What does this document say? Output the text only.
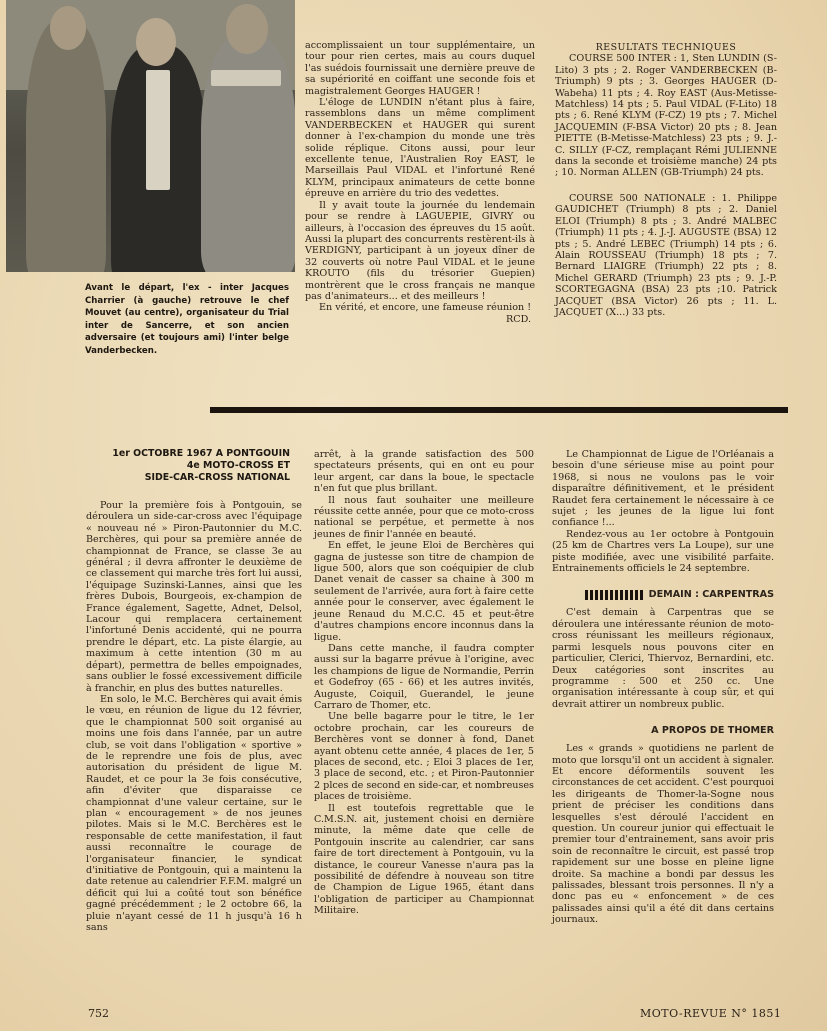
Avant le départ, l'ex - inter Jacques Charrier (à gauche) retrouve le chef Mouvet (au centre), organisateur du Trial inter de Sancerre, et son ancien adversaire (et toujours ami) l'inter belge Vanderbecken.

accomplissaient un tour supplémentaire, un tour pour rien certes, mais au cours duquel l'as suédois fournissait une dernière preuve de sa supériorité en coiffant une seconde fois et magistralement Georges HAUGER !

L'éloge de LUNDIN n'étant plus à faire, rassemblons dans un même compliment VANDERBECKEN et HAUGER qui surent donner à l'ex-champion du monde une très solide réplique. Citons aussi, pour leur excellente tenue, l'Australien Roy EAST, le Marseillais Paul VIDAL et l'infortuné René KLYM, principaux animateurs de cette bonne épreuve en arrière du trio des vedettes.

Il y avait toute la journée du lendemain pour se rendre à LAGUEPIE, GIVRY ou ailleurs, à l'occasion des épreuves du 15 août. Aussi la plupart des concurrents restèrent-ils à VERDIGNY, participant à un joyeux dîner de 32 couverts où notre Paul VIDAL et le jeune KROUTO (fils du trésorier Guepien) montrèrent que le cross français ne manque pas d'animateurs... et des meilleurs !

En vérité, et encore, une fameuse réunion !

RCD.

RESULTATS TECHNIQUES

COURSE 500 INTER : 1, Sten LUNDIN (S-Lito) 3 pts ; 2. Roger VANDERBECKEN (B-Triumph) 9 pts ; 3. Georges HAUGER (D-Wabeha) 11 pts ; 4. Roy EAST (Aus-Metisse-Matchless) 14 pts ; 5. Paul VIDAL (F-Lito) 18 pts ; 6. René KLYM (F-CZ) 19 pts ; 7. Michel JACQUEMIN (F-BSA Victor) 20 pts ; 8. Jean PIETTE (B-Metisse-Matchless) 23 pts ; 9. J.-C. SILLY (F-CZ, remplaçant Rémi JULIENNE dans la seconde et troisième manche) 24 pts ; 10. Norman ALLEN (GB-Triumph) 24 pts.

COURSE 500 NATIONALE : 1. Philippe GAUDICHET (Triumph) 8 pts ; 2. Daniel ELOI (Triumph) 8 pts ; 3. André MALBEC (Triumph) 11 pts ; 4. J.-J. AUGUSTE (BSA) 12 pts ; 5. André LEBEC (Triumph) 14 pts ; 6. Alain ROUSSEAU (Triumph) 18 pts ; 7. Bernard LIAIGRE (Triumph) 22 pts ; 8. Michel GERARD (Triumph) 23 pts ; 9. J.-P. SCORTEGAGNA (BSA) 23 pts ;10. Patrick JACQUET (BSA Victor) 26 pts ; 11. L. JACQUET (X...) 33 pts.

1er OCTOBRE 1967 A PONTGOUIN
4e MOTO-CROSS ET
SIDE-CAR-CROSS NATIONAL

Pour la première fois à Pontgouin, se déroulera un side-car-cross avec l'équipage « nouveau né » Piron-Pautonnier du M.C. Berchères, qui pour sa première année de championnat de France, se classe 3e au général ; il devra affronter le deuxième de ce classement qui marche très fort lui aussi, l'équipage Suzinski-Lannes, ainsi que les frères Dubois, Bourgeois, ex-champion de France également, Sagette, Adnet, Delsol, Lacour qui remplacera certainement l'infortuné Denis accidenté, qui ne pourra prendre le départ, etc. La piste élargie, au maximum à cette intention (30 m au départ), permettra de belles empoignades, sans oublier le fossé excessivement difficile à franchir, en plus des buttes naturelles.

En solo, le M.C. Berchères qui avait émis le vœu, en réunion de ligue du 12 février, que le championnat 500 soit organisé au moins une fois dans l'année, par un autre club, se voit dans l'obligation « sportive » de le reprendre une fois de plus, avec autorisation du président de ligue M. Raudet, et ce pour la 3e fois consécutive, afin d'éviter que disparaisse ce championnat d'une valeur certaine, sur le plan « encouragement » de nos jeunes pilotes. Mais si le M.C. Berchères est le responsable de cette manifestation, il faut aussi reconnaître le courage de l'organisateur financier, le syndicat d'initiative de Pontgouin, qui a maintenu la date retenue au calendrier F.F.M. malgré un déficit qui lui a coûté tout son bénéfice gagné précédemment ; le 2 octobre 66, la pluie n'ayant cessé de 11 h jusqu'à 16 h sans

arrêt, à la grande satisfaction des 500 spectateurs présents, qui en ont eu pour leur argent, car dans la boue, le spectacle n'en fut que plus brillant.

Il nous faut souhaiter une meilleure réussite cette année, pour que ce moto-cross national se perpétue, et permette à nos jeunes de finir l'année en beauté.

En effet, le jeune Eloi de Berchères qui gagna de justesse son titre de champion de ligue 500, alors que son coéquipier de club Danet venait de casser sa chaine à 300 m seulement de l'arrivée, aura fort à faire cette année pour le conserver, avec également le jeune Renaud du M.C.C. 45 et peut-être d'autres champions encore inconnus dans la ligue.

Dans cette manche, il faudra compter aussi sur la bagarre prévue à l'origine, avec les champions de ligue de Normandie, Perrin et Godefroy (65 - 66) et les autres invités, Auguste, Coiquil, Guerandel, le jeune Carraro de Thomer, etc.

Une belle bagarre pour le titre, le 1er octobre prochain, car les coureurs de Berchères vont se donner à fond, Danet ayant obtenu cette année, 4 places de 1er, 5 places de second, etc. ; Eloi 3 places de 1er, 3 place de second, etc. ; et Piron-Pautonnier 2 plces de second en side-car, et nombreuses places de troisième.

Il est toutefois regrettable que le C.M.S.N. ait, justement choisi en dernière minute, la même date que celle de Pontgouin inscrite au calendrier, car sans faire de tort directement à Pontgouin, vu la distance, le coureur Vanesse n'aura pas la possibilité de défendre à nouveau son titre de Champion de Ligue 1965, étant dans l'obligation de participer au Championnat Militaire.

Le Championnat de Ligue de l'Orléanais a besoin d'une sérieuse mise au point pour 1968, si nous ne voulons pas le voir disparaître définitivement, et le président Raudet fera certainement le nécessaire à ce sujet ; les jeunes de la ligue lui font confiance !...

Rendez-vous au 1er octobre à Pontgouin (25 km de Chartres vers La Loupe), sur une piste modifiée, avec une visibilité parfaite. Entrainements officiels le 24 septembre.

DEMAIN : CARPENTRAS

C'est demain à Carpentras que se déroulera une intéressante réunion de moto-cross réunissant les meilleurs régionaux, parmi lesquels nous pouvons citer en particulier, Clerici, Thiervoz, Bernardini, etc. Deux catégories sont inscrites au programme : 500 et 250 cc. Une organisation intéressante à coup sûr, et qui devrait attirer un nombreux public.

A PROPOS DE THOMER

Les « grands » quotidiens ne parlent de moto que lorsqu'il ont un accident à signaler. Et encore déformentils souvent les circonstances de cet accident. C'est pourquoi les dirigeants de Thomer-la-Sogne nous prient de préciser les conditions dans lesquelles s'est déroulé l'accident en question. Un coureur junior qui effectuait le premier tour d'entrainement, sans avoir pris soin de reconnaître le circuit, est passé trop rapidement sur une bosse en pleine ligne droite. Sa machine a bondi par dessus les palissades, blessant trois personnes. Il n'y a donc pas eu « enfoncement » de ces palissades ainsi qu'il a été dit dans certains journaux.

752	MOTO-REVUE N° 1851
